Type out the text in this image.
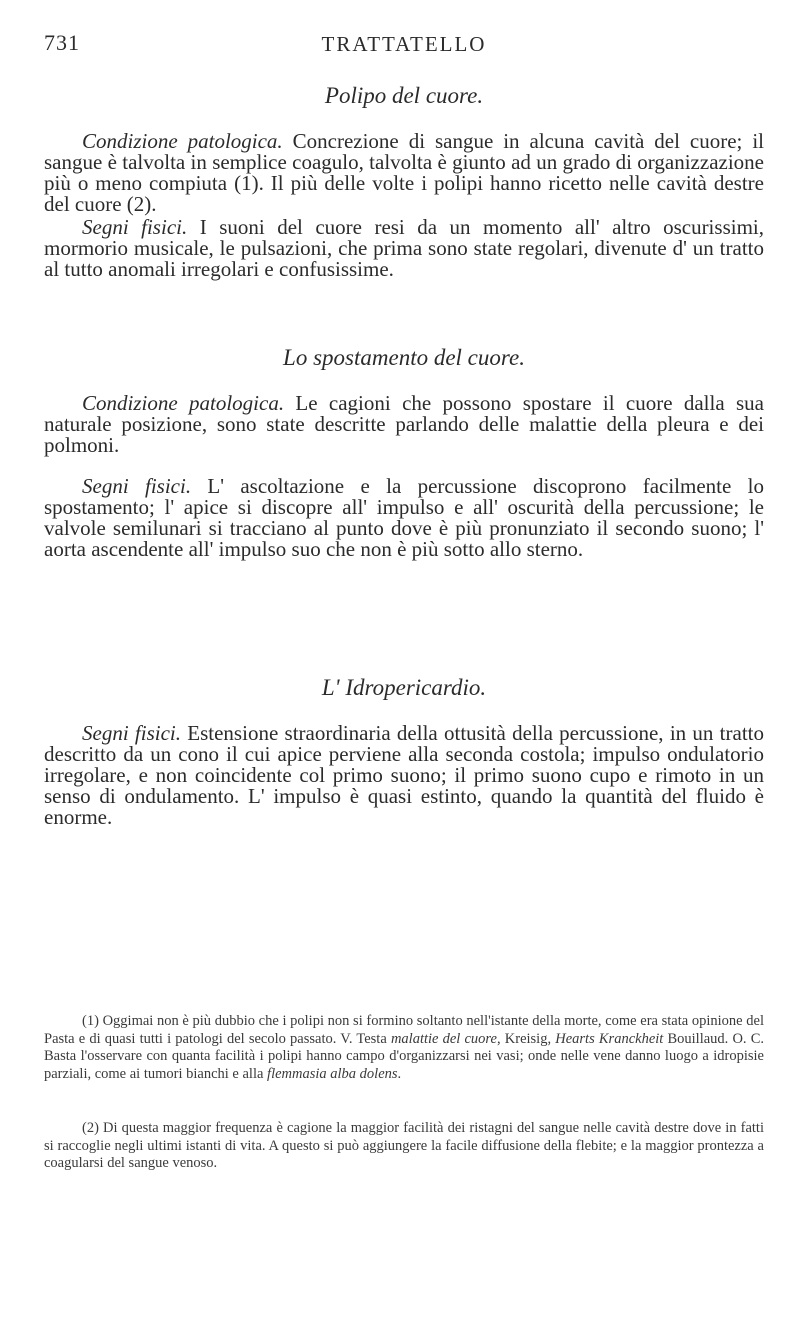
731	TRATTATELLO
Polipo del cuore.

Condizione patologica. Concrezione di sangue in alcuna cavità del cuore; il sangue è talvolta in semplice coagulo, talvolta è giunto ad un grado di organizzazione più o meno compiuta (1). Il più delle volte i polipi hanno ricetto nelle cavità destre del cuore (2).

Segni fisici. I suoni del cuore resi da un momento all' altro oscurissimi, mormorio musicale, le pulsazioni, che prima sono state regolari, divenute d' un tratto al tutto anomali irregolari e confusissime.

Lo spostamento del cuore.

Condizione patologica. Le cagioni che possono spostare il cuore dalla sua naturale posizione, sono state descritte parlando delle malattie della pleura e dei polmoni.

Segni fisici. L' ascoltazione e la percussione discoprono facilmente lo spostamento; l' apice si discopre all' impulso e all' oscurità della percussione; le valvole semilunari si tracciano al punto dove è più pronunziato il secondo suono; l' aorta ascendente all' impulso suo che non è più sotto allo sterno.

L' Idropericardio.

Segni fisici. Estensione straordinaria della ottusità della percussione, in un tratto descritto da un cono il cui apice perviene alla seconda costola; impulso ondulatorio irregolare, e non coincidente col primo suono; il primo suono cupo e rimoto in un senso di ondulamento. L' impulso è quasi estinto, quando la quantità del fluido è enorme.

(1) Oggimai non è più dubbio che i polipi non si formino soltanto nell'istante della morte, come era stata opinione del Pasta e di quasi tutti i patologi del secolo passato. V. Testa malattie del cuore, Kreisig, Hearts Kranckheit Bouillaud. O. C. Basta l'osservare con quanta facilità i polipi hanno campo d'organizzarsi nei vasi; onde nelle vene danno luogo a idropisie parziali, come ai tumori bianchi e alla flemmasia alba dolens.

(2) Di questa maggior frequenza è cagione la maggior facilità dei ristagni del sangue nelle cavità destre dove in fatti si raccoglie negli ultimi istanti di vita. A questo si può aggiungere la facile diffusione della flebite; e la maggior prontezza a coagularsi del sangue venoso.
